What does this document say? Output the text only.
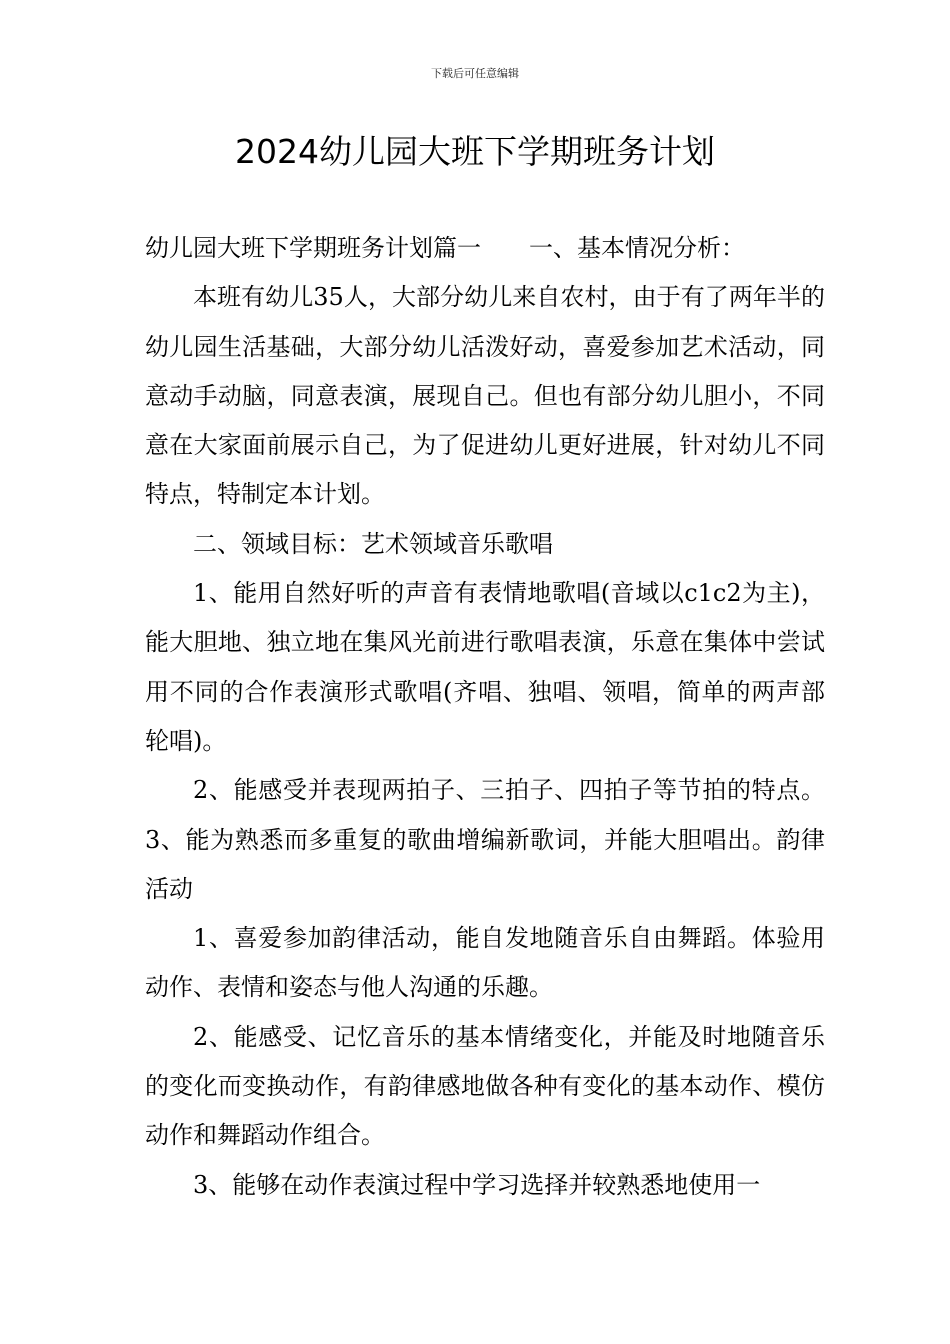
下载后可任意编辑
2024幼儿园大班下学期班务计划

幼儿园大班下学期班务计划篇一 一、基本情况分析：

本班有幼儿35人，大部分幼儿来自农村，由于有了两年半的幼儿园生活基础，大部分幼儿活泼好动，喜爱参加艺术活动，同意动手动脑，同意表演，展现自己。但也有部分幼儿胆小，不同意在大家面前展示自己，为了促进幼儿更好进展，针对幼儿不同特点，特制定本计划。

二、领域目标：艺术领域音乐歌唱

1、能用自然好听的声音有表情地歌唱(音域以c1c2为主)，能大胆地、独立地在集风光前进行歌唱表演，乐意在集体中尝试用不同的合作表演形式歌唱(齐唱、独唱、领唱，简单的两声部轮唱)。

2、能感受并表现两拍子、三拍子、四拍子等节拍的特点。3、能为熟悉而多重复的歌曲增编新歌词，并能大胆唱出。韵律活动

1、喜爱参加韵律活动，能自发地随音乐自由舞蹈。体验用动作、表情和姿态与他人沟通的乐趣。

2、能感受、记忆音乐的基本情绪变化，并能及时地随音乐的变化而变换动作，有韵律感地做各种有变化的基本动作、模仿动作和舞蹈动作组合。

3、能够在动作表演过程中学习选择并较熟悉地使用一
